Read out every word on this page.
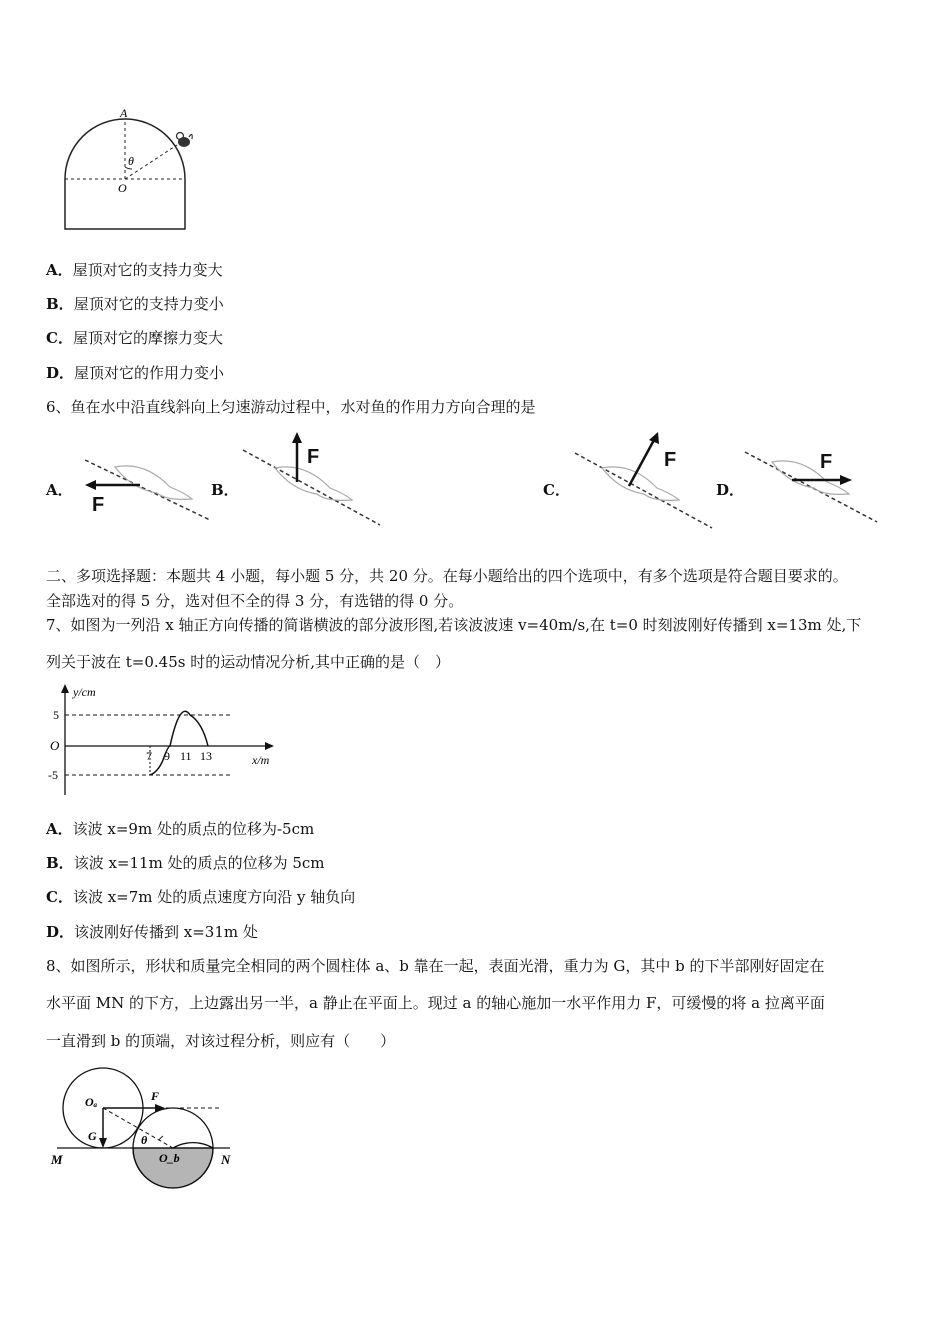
A
θ
O
A．屋顶对它的支持力变大
B．屋顶对它的支持力变小
C．屋顶对它的摩擦力变大
D．屋顶对它的作用力变小
6、鱼在水中沿直线斜向上匀速游动过程中，水对鱼的作用力方向合理的是
A．
F
B．
F
C．
F
D．
F
二、多项选择题：本题共 4 小题，每小题 5 分，共 20 分。在每小题给出的四个选项中，有多个选项是符合题目要求的。
全部选对的得 5 分，选对但不全的得 3 分，有选错的得 0 分。
7、如图为一列沿 x 轴正方向传播的简谐横波的部分波形图,若该波波速 v=40m/s,在 t=0 时刻波刚好传播到 x=13m 处,下
列关于波在 t=0.45s 时的运动情况分析,其中正确的是（　）
y/cm
x/m
O
5
-5
7 9 11 13
A．该波 x=9m 处的质点的位移为-5cm
B．该波 x=11m 处的质点的位移为 5cm
C．该波 x=7m 处的质点速度方向沿 y 轴负向
D．该波刚好传播到 x=31m 处
8、如图所示，形状和质量完全相同的两个圆柱体 a、b 靠在一起，表面光滑，重力为 G，其中 b 的下半部刚好固定在
水平面 MN 的下方，上边露出另一半，a 静止在平面上。现过 a 的轴心施加一水平作用力 F，可缓慢的将 a 拉离平面
一直滑到 b 的顶端，对该过程分析，则应有（　　）
Oₐ	F
G	θ
O_b
M	N
